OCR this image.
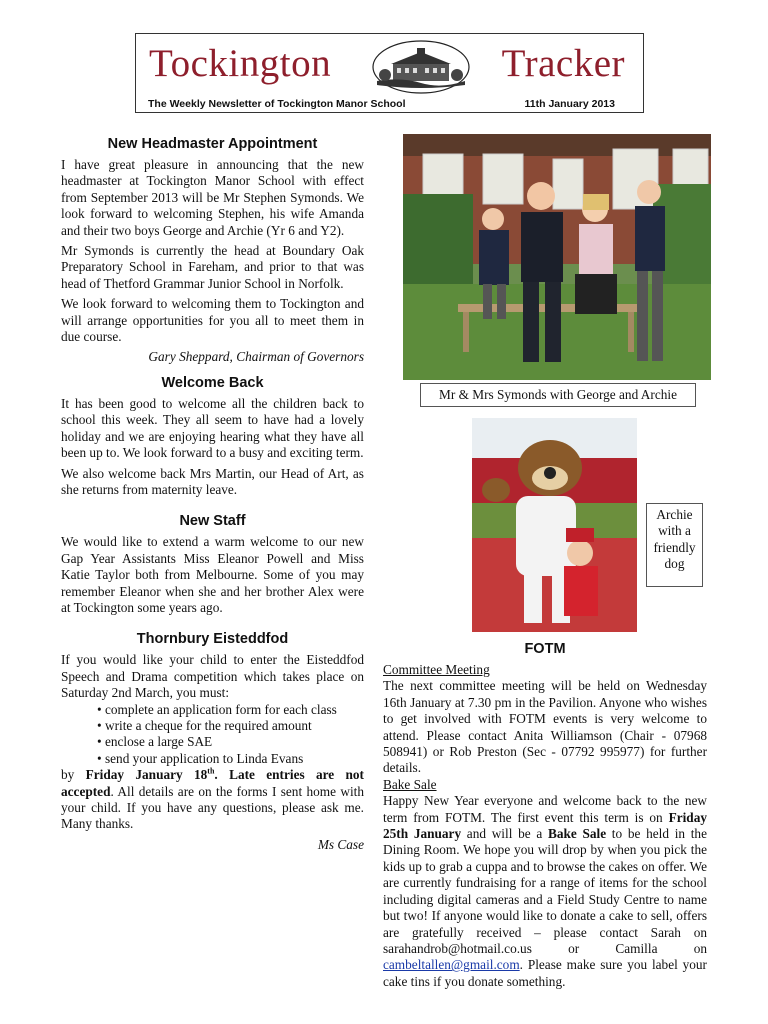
Tockington	Tracker
The Weekly Newsletter of Tockington Manor School	11th January 2013
New Headmaster Appointment

I have great pleasure in announcing that the new headmaster at Tockington Manor School with effect from September 2013 will be Mr Stephen Symonds. We look forward to welcoming Stephen, his wife Amanda and their two boys George and Archie (Yr 6 and Y2).

Mr Symonds is currently the head at Boundary Oak Preparatory School in Fareham, and prior to that was head of Thetford Grammar Junior School in Norfolk.

We look forward to welcoming them to Tockington and will arrange opportunities for you all to meet them in due course.

Gary Sheppard, Chairman of Governors

Welcome Back

It has been good to welcome all the children back to school this week. They all seem to have had a lovely holiday and we are enjoying hearing what they have all been up to. We look forward to a busy and exciting term.

We also welcome back Mrs Martin, our Head of Art, as she returns from maternity leave.

New Staff

We would like to extend a warm welcome to our new Gap Year Assistants Miss Eleanor Powell and Miss Katie Taylor both from Melbourne. Some of you may remember Eleanor when she and her brother Alex were at Tockington some years ago.

Thornbury Eisteddfod

If you would like your child to enter the Eisteddfod Speech and Drama competition which takes place on Saturday 2nd March, you must:

• complete an application form for each class
• write a cheque for the required amount
• enclose a large SAE
• send your application to Linda Evans

by Friday January 18th. Late entries are not accepted. All details are on the forms I sent home with your child. If you have any questions, please ask me. Many thanks.

Ms Case

Mr & Mrs Symonds with George and Archie
Archie with a friendly dog
FOTM
Committee Meeting

The next committee meeting will be held on Wednesday 16th January at 7.30 pm in the Pavilion. Anyone who wishes to get involved with FOTM events is very welcome to attend. Please contact Anita Williamson (Chair - 07968 508941) or Rob Preston (Sec - 07792 995977) for further details.

Bake Sale

Happy New Year everyone and welcome back to the new term from FOTM. The first event this term is on Friday 25th January and will be a Bake Sale to be held in the Dining Room. We hope you will drop by when you pick the kids up to grab a cuppa and to browse the cakes on offer. We are currently fundraising for a range of items for the school including digital cameras and a Field Study Centre to name but two! If anyone would like to donate a cake to sell, offers are gratefully received – please contact Sarah on sarahandrob@hotmail.co.us or Camilla on cambeltallen@gmail.com. Please make sure you label your cake tins if you donate something.
